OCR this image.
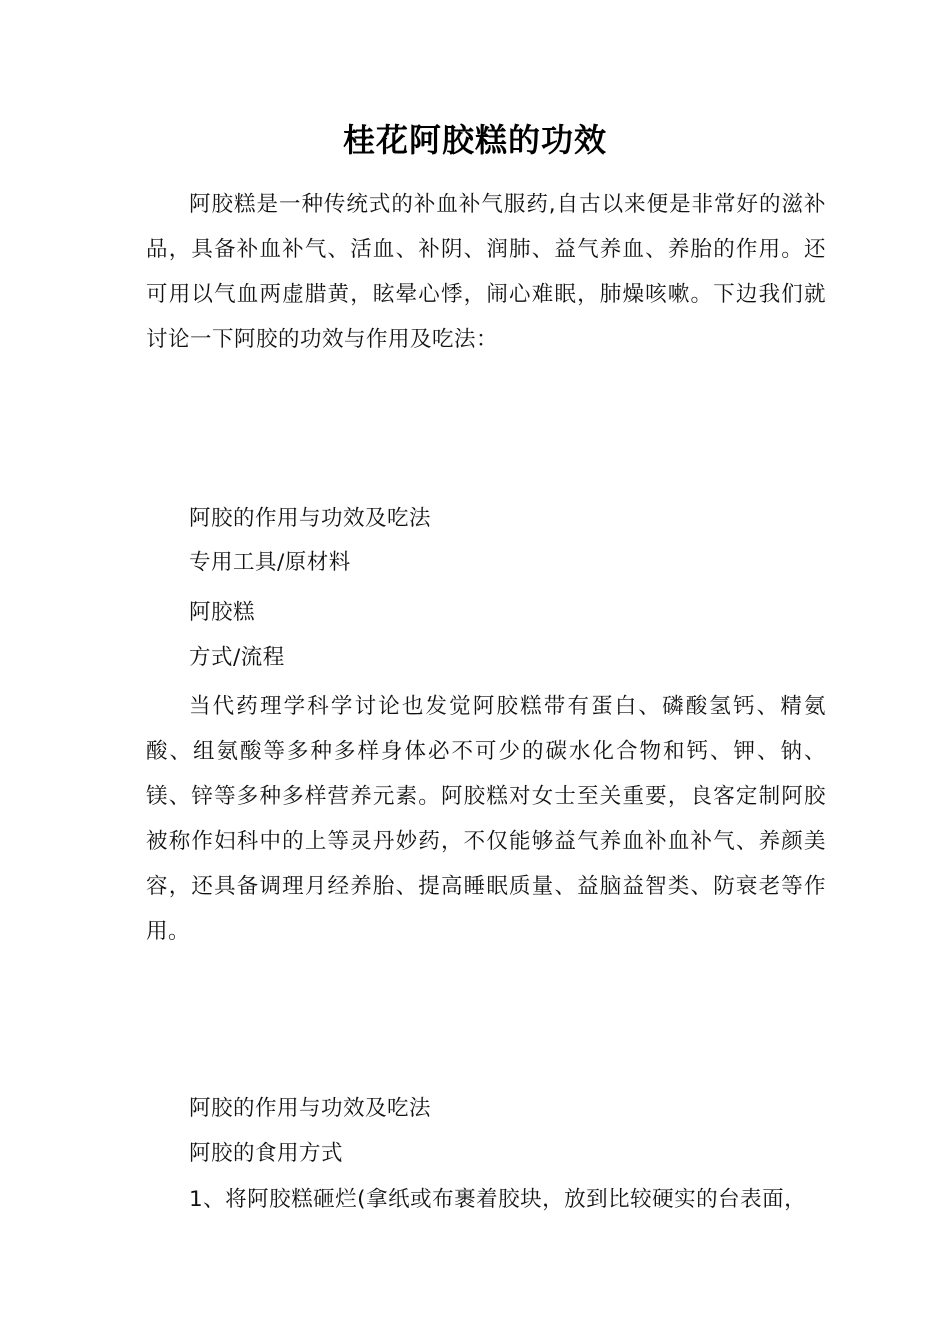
桂花阿胶糕的功效

阿胶糕是一种传统式的补血补气服药,自古以来便是非常好的滋补品，具备补血补气、活血、补阴、润肺、益气养血、养胎的作用。还可用以气血两虚腊黄，眩晕心悸，闹心难眠，肺燥咳嗽。下边我们就讨论一下阿胶的功效与作用及吃法：

阿胶的作用与功效及吃法
专用工具/原材料
阿胶糕
方式/流程

当代药理学科学讨论也发觉阿胶糕带有蛋白、磷酸氢钙、精氨酸、组氨酸等多种多样身体必不可少的碳水化合物和钙、钾、钠、镁、锌等多种多样营养元素。阿胶糕对女士至关重要，良客定制阿胶被称作妇科中的上等灵丹妙药，不仅能够益气养血补血补气、养颜美容，还具备调理月经养胎、提高睡眠质量、益脑益智类、防衰老等作用。

阿胶的作用与功效及吃法
阿胶的食用方式
1、将阿胶糕砸烂(拿纸或布裹着胶块，放到比较硬实的台表面，
